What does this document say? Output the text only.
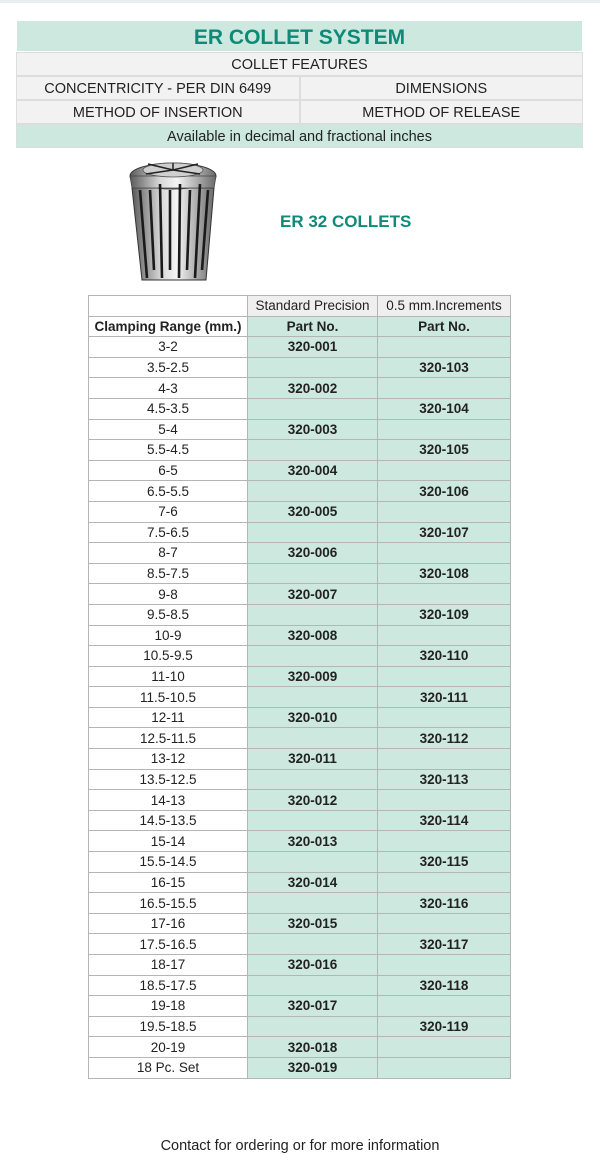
ER COLLET SYSTEM
COLLET FEATURES
CONCENTRICITY - PER DIN 6499	DIMENSIONS
METHOD OF INSERTION	METHOD OF RELEASE
Available in decimal and fractional inches
ER 32 COLLETS
	Standard Precision	0.5 mm.Increments
Clamping Range (mm.)	Part No.	Part No.
3-2	320-001	
3.5-2.5		320-103
4-3	320-002	
4.5-3.5		320-104
5-4	320-003	
5.5-4.5		320-105
6-5	320-004	
6.5-5.5		320-106
7-6	320-005	
7.5-6.5		320-107
8-7	320-006	
8.5-7.5		320-108
9-8	320-007	
9.5-8.5		320-109
10-9	320-008	
10.5-9.5		320-110
11-10	320-009	
11.5-10.5		320-111
12-11	320-010	
12.5-11.5		320-112
13-12	320-011	
13.5-12.5		320-113
14-13	320-012	
14.5-13.5		320-114
15-14	320-013	
15.5-14.5		320-115
16-15	320-014	
16.5-15.5		320-116
17-16	320-015	
17.5-16.5		320-117
18-17	320-016	
18.5-17.5		320-118
19-18	320-017	
19.5-18.5		320-119
20-19	320-018	
18 Pc. Set	320-019	
Contact for ordering or for more information
